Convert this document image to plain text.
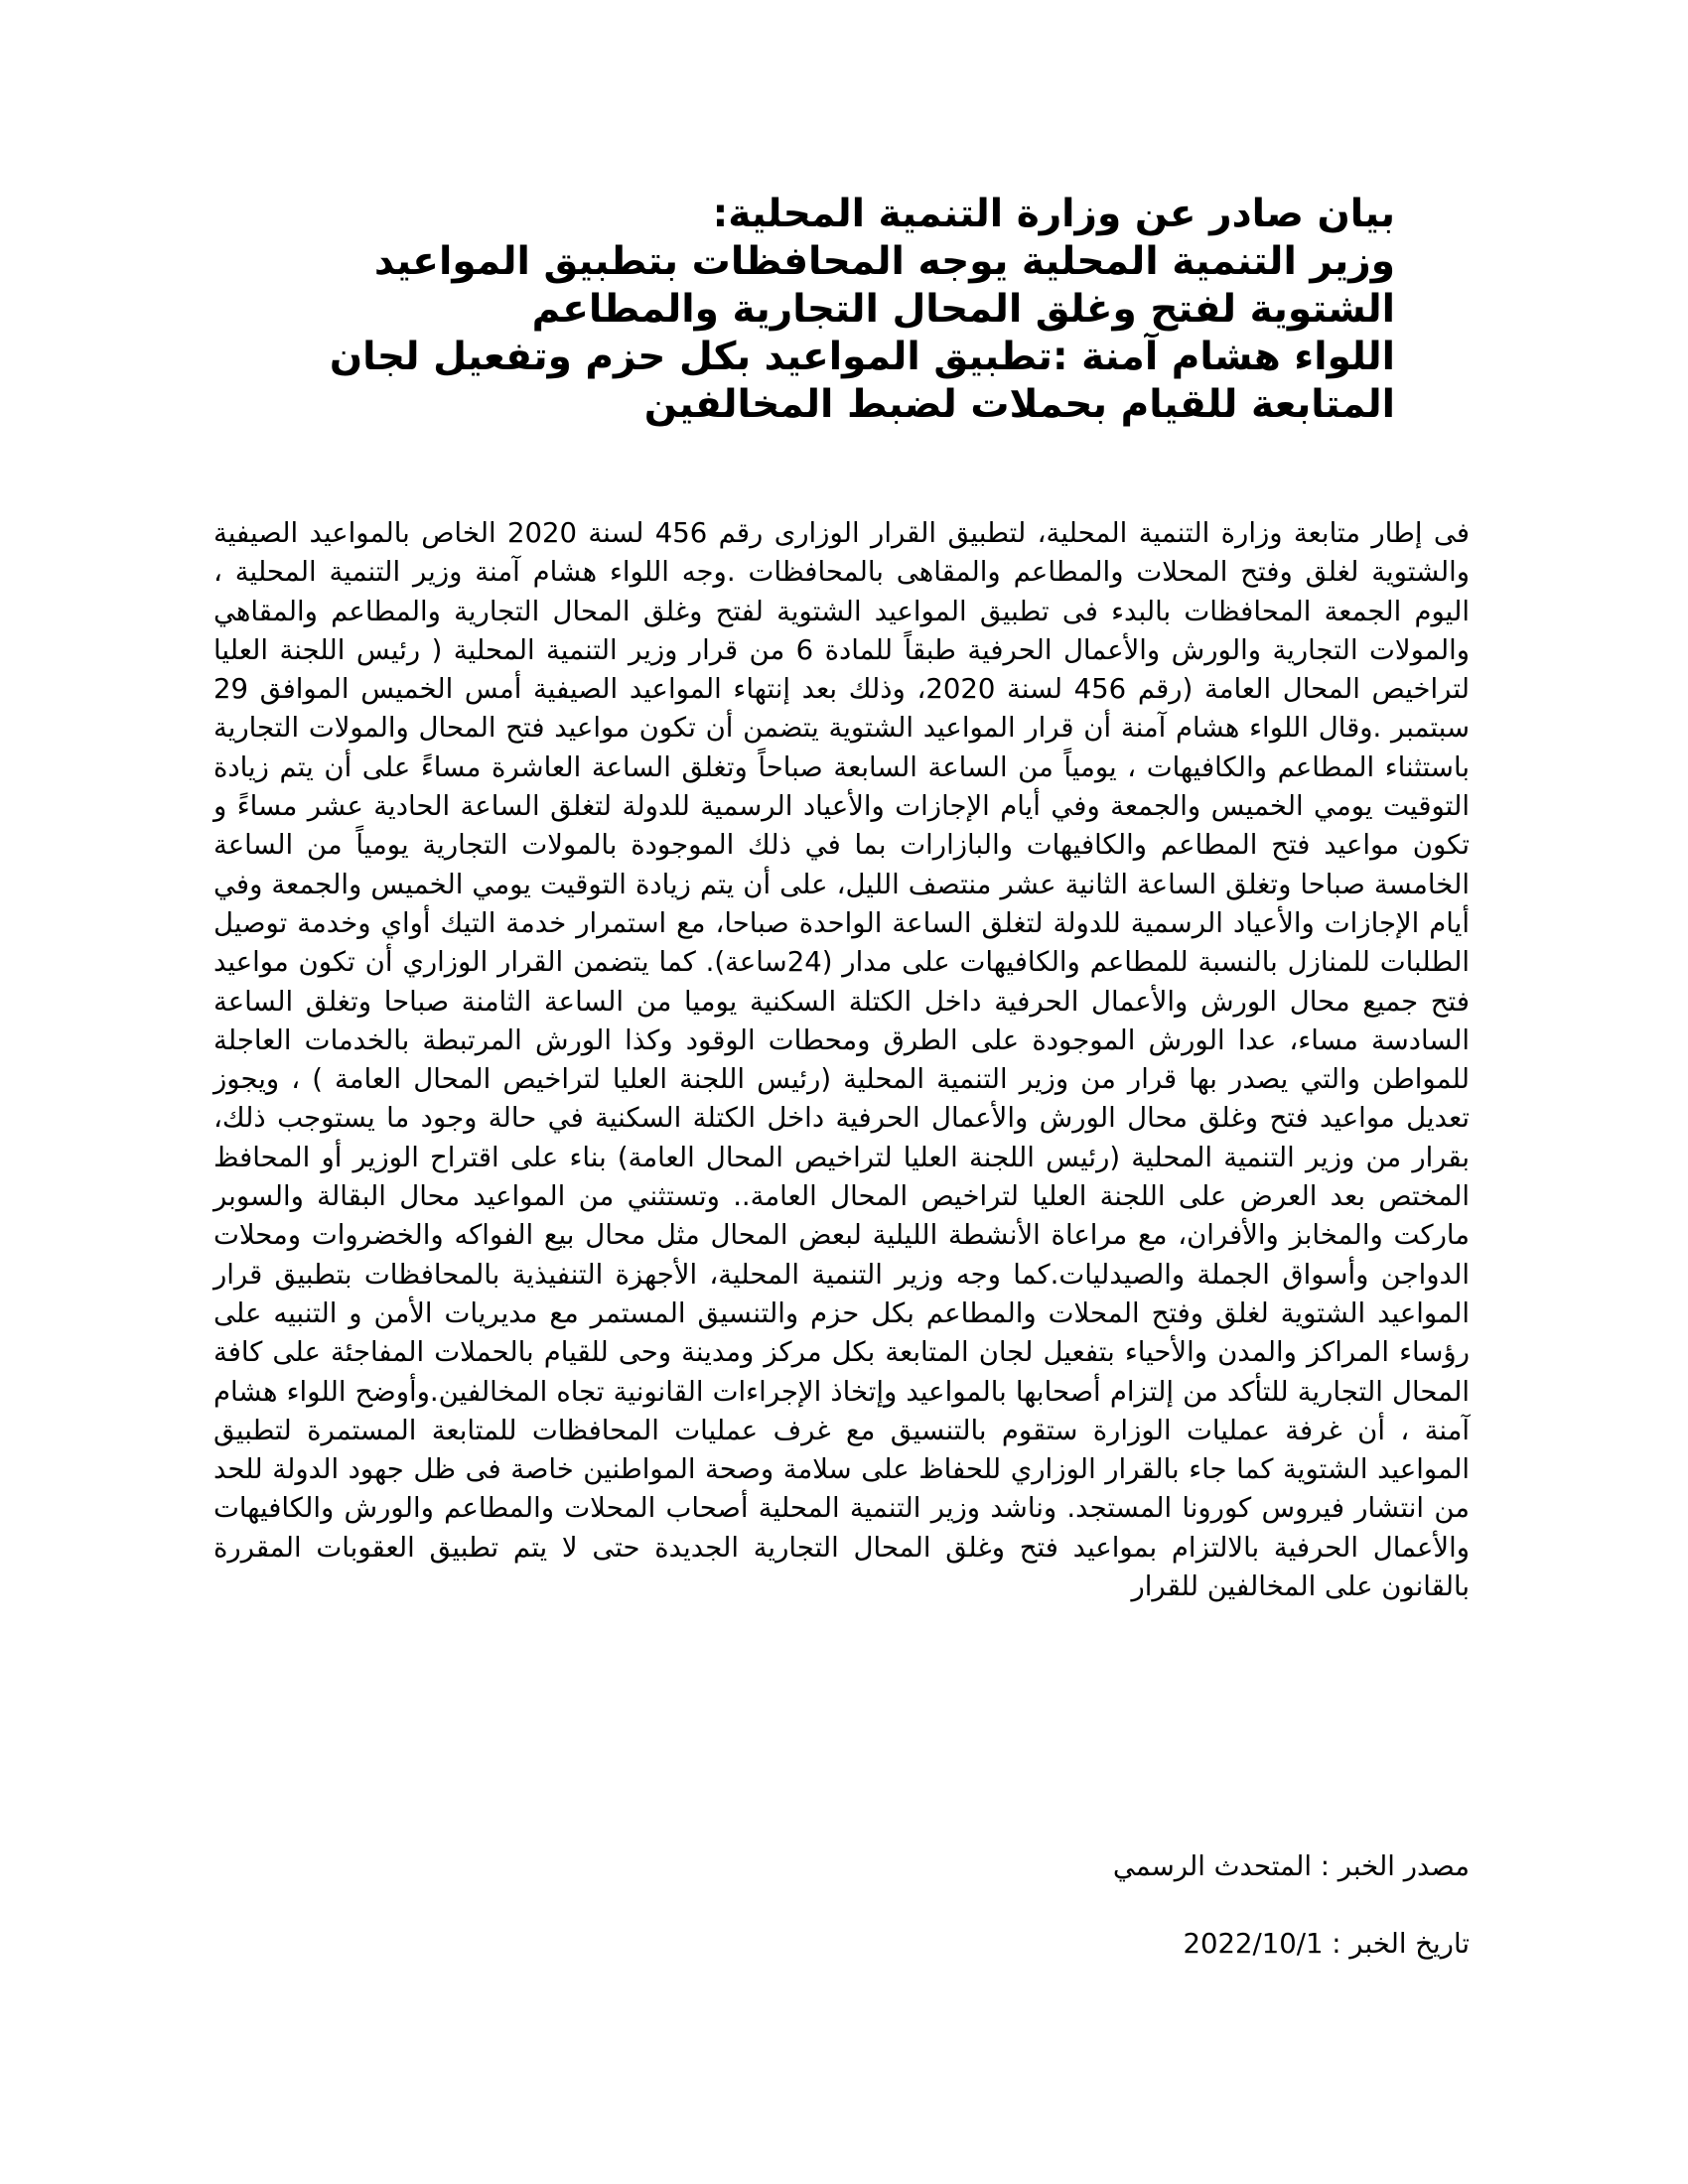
بيان صادر عن وزارة التنمية المحلية:
وزير التنمية المحلية يوجه المحافظات بتطبيق المواعيد الشتوية لفتح وغلق المحال التجارية والمطاعم
اللواء هشام آمنة :تطبيق المواعيد بكل حزم وتفعيل لجان المتابعة للقيام بحملات لضبط المخالفين
فى إطار متابعة وزارة التنمية المحلية، لتطبيق القرار الوزارى رقم 456 لسنة 2020 الخاص بالمواعيد الصيفية والشتوية لغلق وفتح المحلات والمطاعم والمقاهى بالمحافظات .وجه اللواء هشام آمنة وزير التنمية المحلية ، اليوم الجمعة المحافظات بالبدء فى تطبيق المواعيد الشتوية لفتح وغلق المحال التجارية والمطاعم والمقاهي والمولات التجارية والورش والأعمال الحرفية طبقاً للمادة 6 من قرار وزير التنمية المحلية ( رئيس اللجنة العليا لتراخيص المحال العامة (رقم 456 لسنة 2020، وذلك بعد إنتهاء المواعيد الصيفية أمس الخميس الموافق 29 سبتمبر .وقال اللواء هشام آمنة أن قرار المواعيد الشتوية يتضمن أن تكون مواعيد فتح المحال والمولات التجارية باستثناء المطاعم والكافيهات ، يومياً من الساعة السابعة صباحاً وتغلق الساعة العاشرة مساءً على أن يتم زيادة التوقيت يومي الخميس والجمعة وفي أيام الإجازات والأعياد الرسمية للدولة لتغلق الساعة الحادية عشر مساءً و تكون مواعيد فتح المطاعم والكافيهات والبازارات بما في ذلك الموجودة بالمولات التجارية يومياً من الساعة الخامسة صباحا وتغلق الساعة الثانية عشر منتصف الليل، على أن يتم زيادة التوقيت يومي الخميس والجمعة وفي أيام الإجازات والأعياد الرسمية للدولة لتغلق الساعة الواحدة صباحا، مع استمرار خدمة التيك أواي وخدمة توصيل الطلبات للمنازل بالنسبة للمطاعم والكافيهات على مدار (24ساعة). كما يتضمن القرار الوزاري أن تكون مواعيد فتح جميع محال الورش والأعمال الحرفية داخل الكتلة السكنية يوميا من الساعة الثامنة صباحا وتغلق الساعة السادسة مساء، عدا الورش الموجودة على الطرق ومحطات الوقود وكذا الورش المرتبطة بالخدمات العاجلة للمواطن والتي يصدر بها قرار من وزير التنمية المحلية (رئيس اللجنة العليا لتراخيص المحال العامة ) ، ويجوز تعديل مواعيد فتح وغلق محال الورش والأعمال الحرفية داخل الكتلة السكنية في حالة وجود ما يستوجب ذلك، بقرار من وزير التنمية المحلية (رئيس اللجنة العليا لتراخيص المحال العامة) بناء على اقتراح الوزير أو المحافظ المختص بعد العرض على اللجنة العليا لتراخيص المحال العامة.. وتستثني من المواعيد محال البقالة والسوبر ماركت والمخابز والأفران، مع مراعاة الأنشطة الليلية لبعض المحال مثل محال بيع الفواكه والخضروات ومحلات الدواجن وأسواق الجملة والصيدليات.كما وجه وزير التنمية المحلية، الأجهزة التنفيذية بالمحافظات بتطبيق قرار المواعيد الشتوية لغلق وفتح المحلات والمطاعم بكل حزم والتنسيق المستمر مع مديريات الأمن و التنبيه على رؤساء المراكز والمدن والأحياء بتفعيل لجان المتابعة بكل مركز ومدينة وحى للقيام بالحملات المفاجئة على كافة المحال التجارية للتأكد من إلتزام أصحابها بالمواعيد وإتخاذ الإجراءات القانونية تجاه المخالفين.وأوضح اللواء هشام آمنة ، أن غرفة عمليات الوزارة ستقوم بالتنسيق مع غرف عمليات المحافظات للمتابعة المستمرة لتطبيق المواعيد الشتوية كما جاء بالقرار الوزاري للحفاظ على سلامة وصحة المواطنين خاصة فى ظل جهود الدولة للحد من انتشار فيروس كورونا المستجد. وناشد وزير التنمية المحلية أصحاب المحلات والمطاعم والورش والكافيهات والأعمال الحرفية بالالتزام بمواعيد فتح وغلق المحال التجارية الجديدة حتى لا يتم تطبيق العقوبات المقررة بالقانون على المخالفين للقرار
مصدر الخبر : المتحدث الرسمي
تاريخ الخبر : 2022/10/1
